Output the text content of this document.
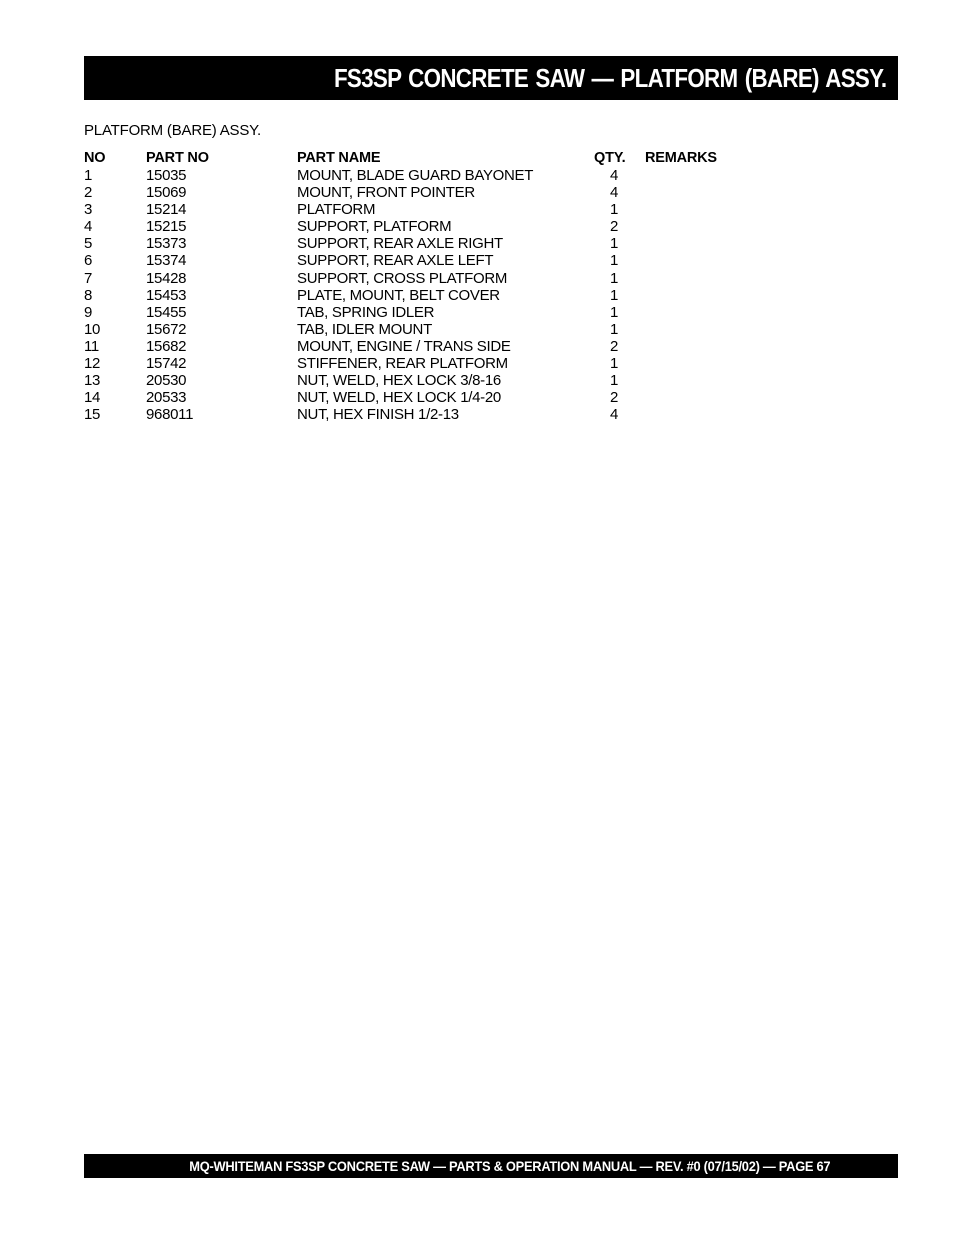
FS3SP CONCRETE SAW — PLATFORM (BARE) ASSY.
PLATFORM (BARE) ASSY.
NO	PART NO	PART NAME	QTY. REMARKS
1	15035	MOUNT, BLADE GUARD BAYONET	4
2	15069	MOUNT, FRONT POINTER	4
3	15214	PLATFORM	1
4	15215	SUPPORT, PLATFORM	2
5	15373	SUPPORT, REAR AXLE RIGHT	1
6	15374	SUPPORT, REAR AXLE LEFT	1
7	15428	SUPPORT, CROSS PLATFORM	1
8	15453	PLATE, MOUNT, BELT COVER	1
9	15455	TAB, SPRING IDLER	1
10	15672	TAB, IDLER MOUNT	1
11	15682	MOUNT, ENGINE / TRANS SIDE	2
12	15742	STIFFENER, REAR PLATFORM	1
13	20530	NUT, WELD, HEX LOCK 3/8-16	1
14	20533	NUT, WELD, HEX LOCK 1/4-20	2
15	968011	NUT, HEX FINISH 1/2-13	4
MQ-WHITEMAN FS3SP CONCRETE SAW — PARTS & OPERATION MANUAL — REV. #0 (07/15/02) — PAGE 67
